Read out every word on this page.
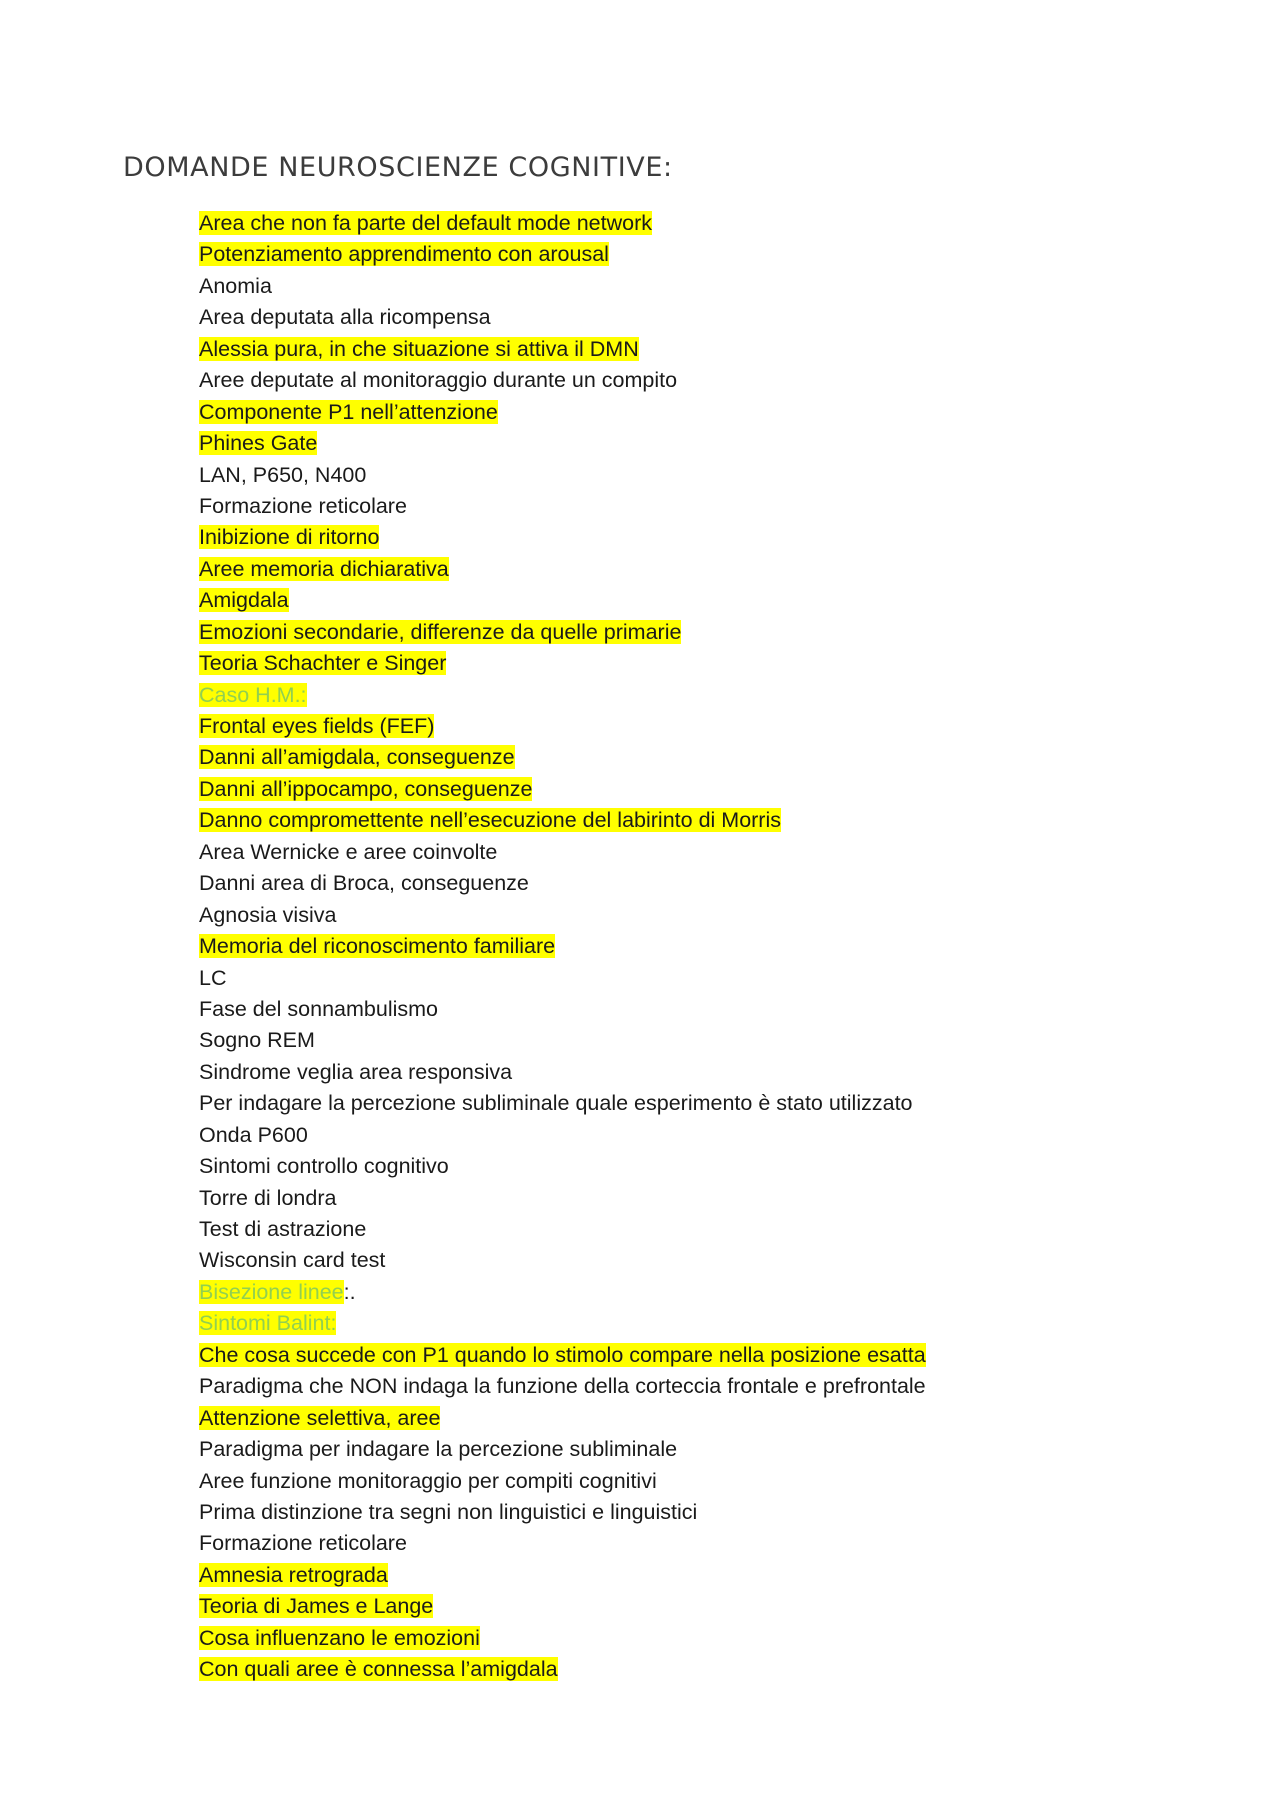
DOMANDE NEUROSCIENZE COGNITIVE:
Area che non fa parte del default mode network
Potenziamento apprendimento con arousal
Anomia
Area deputata alla ricompensa
Alessia pura, in che situazione si attiva il DMN
Aree deputate al monitoraggio durante un compito
Componente P1 nell’attenzione
Phines Gate
LAN, P650, N400
Formazione reticolare
Inibizione di ritorno
Aree memoria dichiarativa
Amigdala
Emozioni secondarie, differenze da quelle primarie
Teoria Schachter e Singer
Caso H.M.:
Frontal eyes fields (FEF)
Danni all’amigdala, conseguenze
Danni all’ippocampo, conseguenze
Danno compromettente nell’esecuzione del labirinto di Morris
Area Wernicke e aree coinvolte
Danni area di Broca, conseguenze
Agnosia visiva
Memoria del riconoscimento familiare
LC
Fase del sonnambulismo
Sogno REM
Sindrome veglia area responsiva
Per indagare la percezione subliminale quale esperimento è stato utilizzato
Onda P600
Sintomi controllo cognitivo
Torre di londra
Test di astrazione
Wisconsin card test
Bisezione linee:.
Sintomi Balint:
Che cosa succede con P1 quando lo stimolo compare nella posizione esatta
Paradigma che NON indaga la funzione della corteccia frontale e prefrontale
Attenzione selettiva, aree
Paradigma per indagare la percezione subliminale
Aree funzione monitoraggio per compiti cognitivi
Prima distinzione tra segni non linguistici e linguistici
Formazione reticolare
Amnesia retrograda
Teoria di James e Lange
Cosa influenzano le emozioni
Con quali aree è connessa l’amigdala
